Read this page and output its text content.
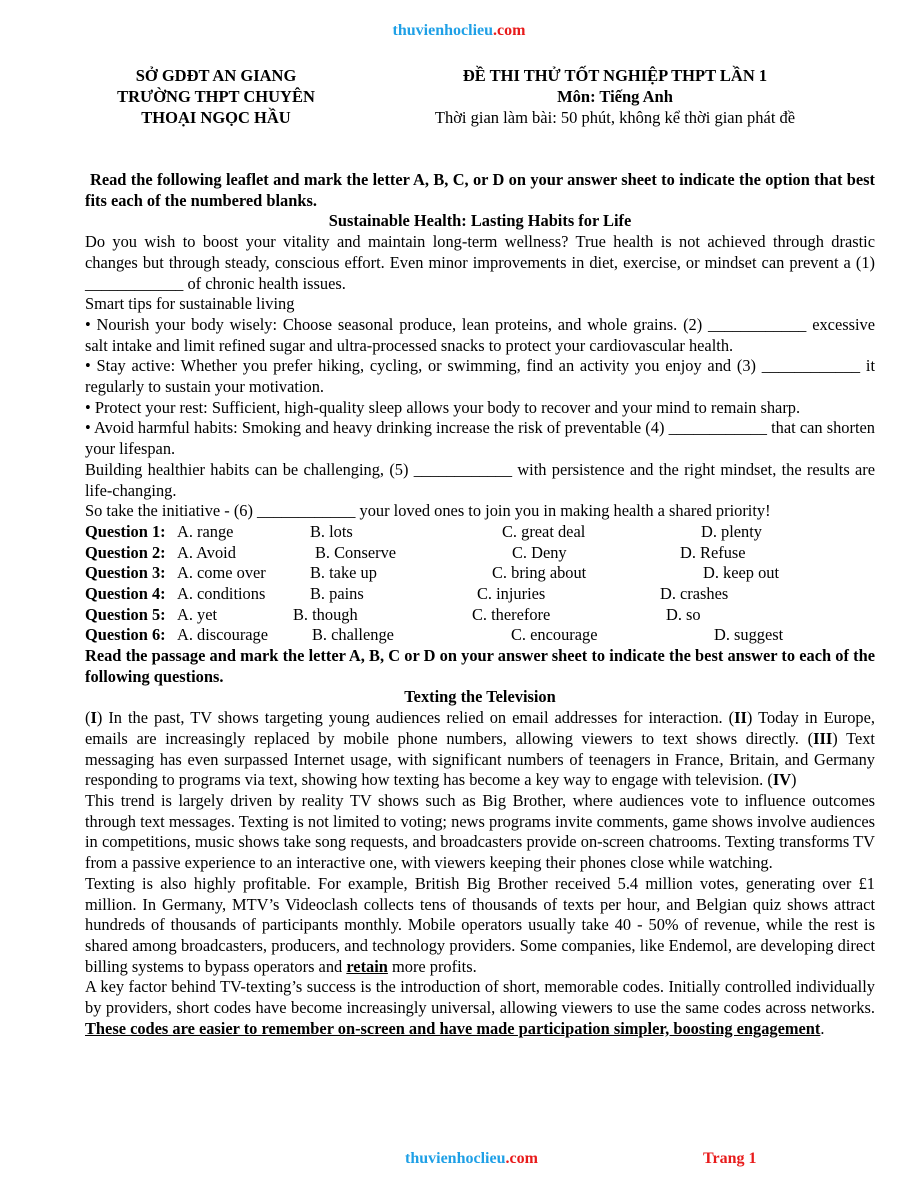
thuvienhoclieu.com
SỞ GDĐT AN GIANG
TRƯỜNG THPT CHUYÊN
THOẠI NGỌC HẦU
ĐỀ THI THỬ TỐT NGHIỆP THPT LẦN 1
Môn: Tiếng Anh
Thời gian làm bài: 50 phút, không kể thời gian phát đề

Read the following leaflet and mark the letter A, B, C, or D on your answer sheet to indicate the option that best fits each of the numbered blanks.

Sustainable Health: Lasting Habits for Life

Do you wish to boost your vitality and maintain long-term wellness? True health is not achieved through drastic changes but through steady, conscious effort. Even minor improvements in diet, exercise, or mindset can prevent a (1) ____________ of chronic health issues.

Smart tips for sustainable living

• Nourish your body wisely: Choose seasonal produce, lean proteins, and whole grains. (2) ____________ excessive salt intake and limit refined sugar and ultra-processed snacks to protect your cardiovascular health.

• Stay active: Whether you prefer hiking, cycling, or swimming, find an activity you enjoy and (3) ____________ it regularly to sustain your motivation.

• Protect your rest: Sufficient, high-quality sleep allows your body to recover and your mind to remain sharp.

• Avoid harmful habits: Smoking and heavy drinking increase the risk of preventable (4) ____________ that can shorten your lifespan.

Building healthier habits can be challenging, (5) ____________ with persistence and the right mindset, the results are life-changing.

So take the initiative - (6) ____________ your loved ones to join you in making health a shared priority!

Question 1: A. range	B. lots	C. great deal	D. plenty
Question 2: A. Avoid	B. Conserve	C. Deny	D. Refuse
Question 3: A. come over	B. take up	C. bring about	D. keep out
Question 4: A. conditions	B. pains	C. injuries	D. crashes
Question 5: A. yet	B. though	C. therefore	D. so
Question 6: A. discourage	B. challenge	C. encourage	D. suggest

Read the passage and mark the letter A, B, C or D on your answer sheet to indicate the best answer to each of the following questions.

Texting the Television

(I) In the past, TV shows targeting young audiences relied on email addresses for interaction. (II) Today in Europe, emails are increasingly replaced by mobile phone numbers, allowing viewers to text shows directly. (III) Text messaging has even surpassed Internet usage, with significant numbers of teenagers in France, Britain, and Germany responding to programs via text, showing how texting has become a key way to engage with television. (IV)

This trend is largely driven by reality TV shows such as Big Brother, where audiences vote to influence outcomes through text messages. Texting is not limited to voting; news programs invite comments, game shows involve audiences in competitions, music shows take song requests, and broadcasters provide on-screen chatrooms. Texting transforms TV from a passive experience to an interactive one, with viewers keeping their phones close while watching.

Texting is also highly profitable. For example, British Big Brother received 5.4 million votes, generating over £1 million. In Germany, MTV’s Videoclash collects tens of thousands of texts per hour, and Belgian quiz shows attract hundreds of thousands of participants monthly. Mobile operators usually take 40 - 50% of revenue, while the rest is shared among broadcasters, producers, and technology providers. Some companies, like Endemol, are developing direct billing systems to bypass operators and retain more profits.

A key factor behind TV-texting’s success is the introduction of short, memorable codes. Initially controlled individually by providers, short codes have become increasingly universal, allowing viewers to use the same codes across networks. These codes are easier to remember on-screen and have made participation simpler, boosting engagement.

thuvienhoclieu.com	Trang 1
